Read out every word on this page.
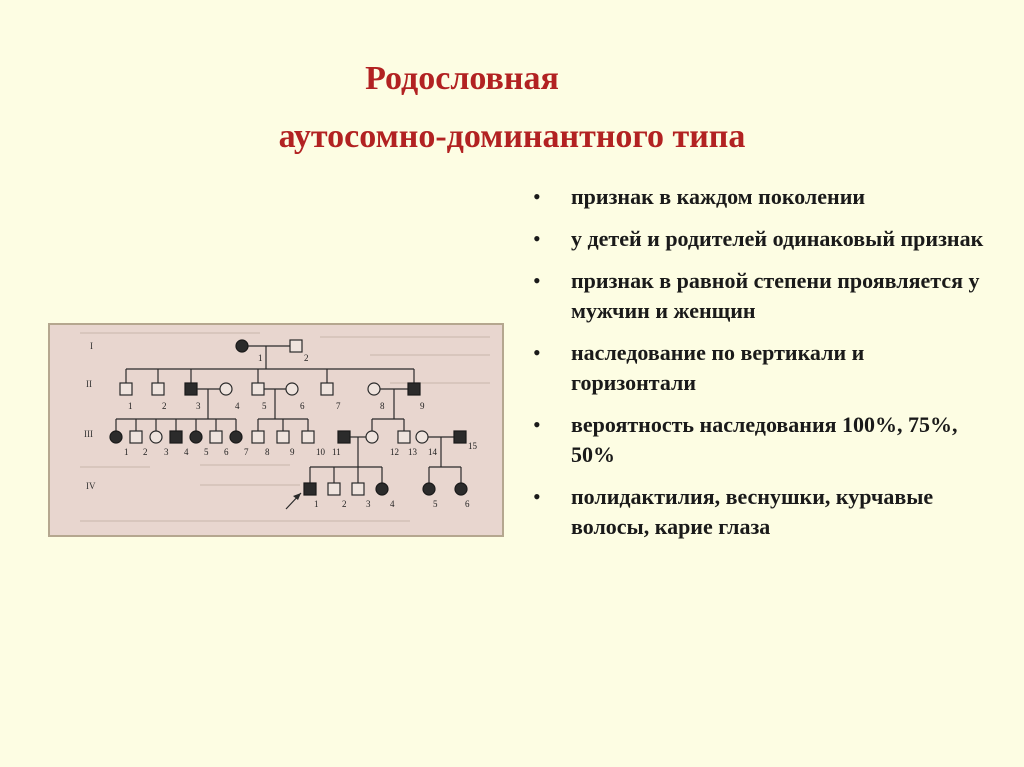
Родословная
аутосомно-доминантного типа
• признак в каждом поколении
• у детей и родителей одинаковый признак
• признак в равной степени проявляется у мужчин и женщин
• наследование по вертикали и горизонтали
• вероятность наследования 100%, 75%, 50%
• полидактилия, веснушки, курчавые волосы, карие глаза
I
II
III
IV
1	2
1	2	3	4	5	6	7	8	9
1 2 3 4 5 6 7 8 9 10 11	12 13 14
15
1	2 3 4	5	6
